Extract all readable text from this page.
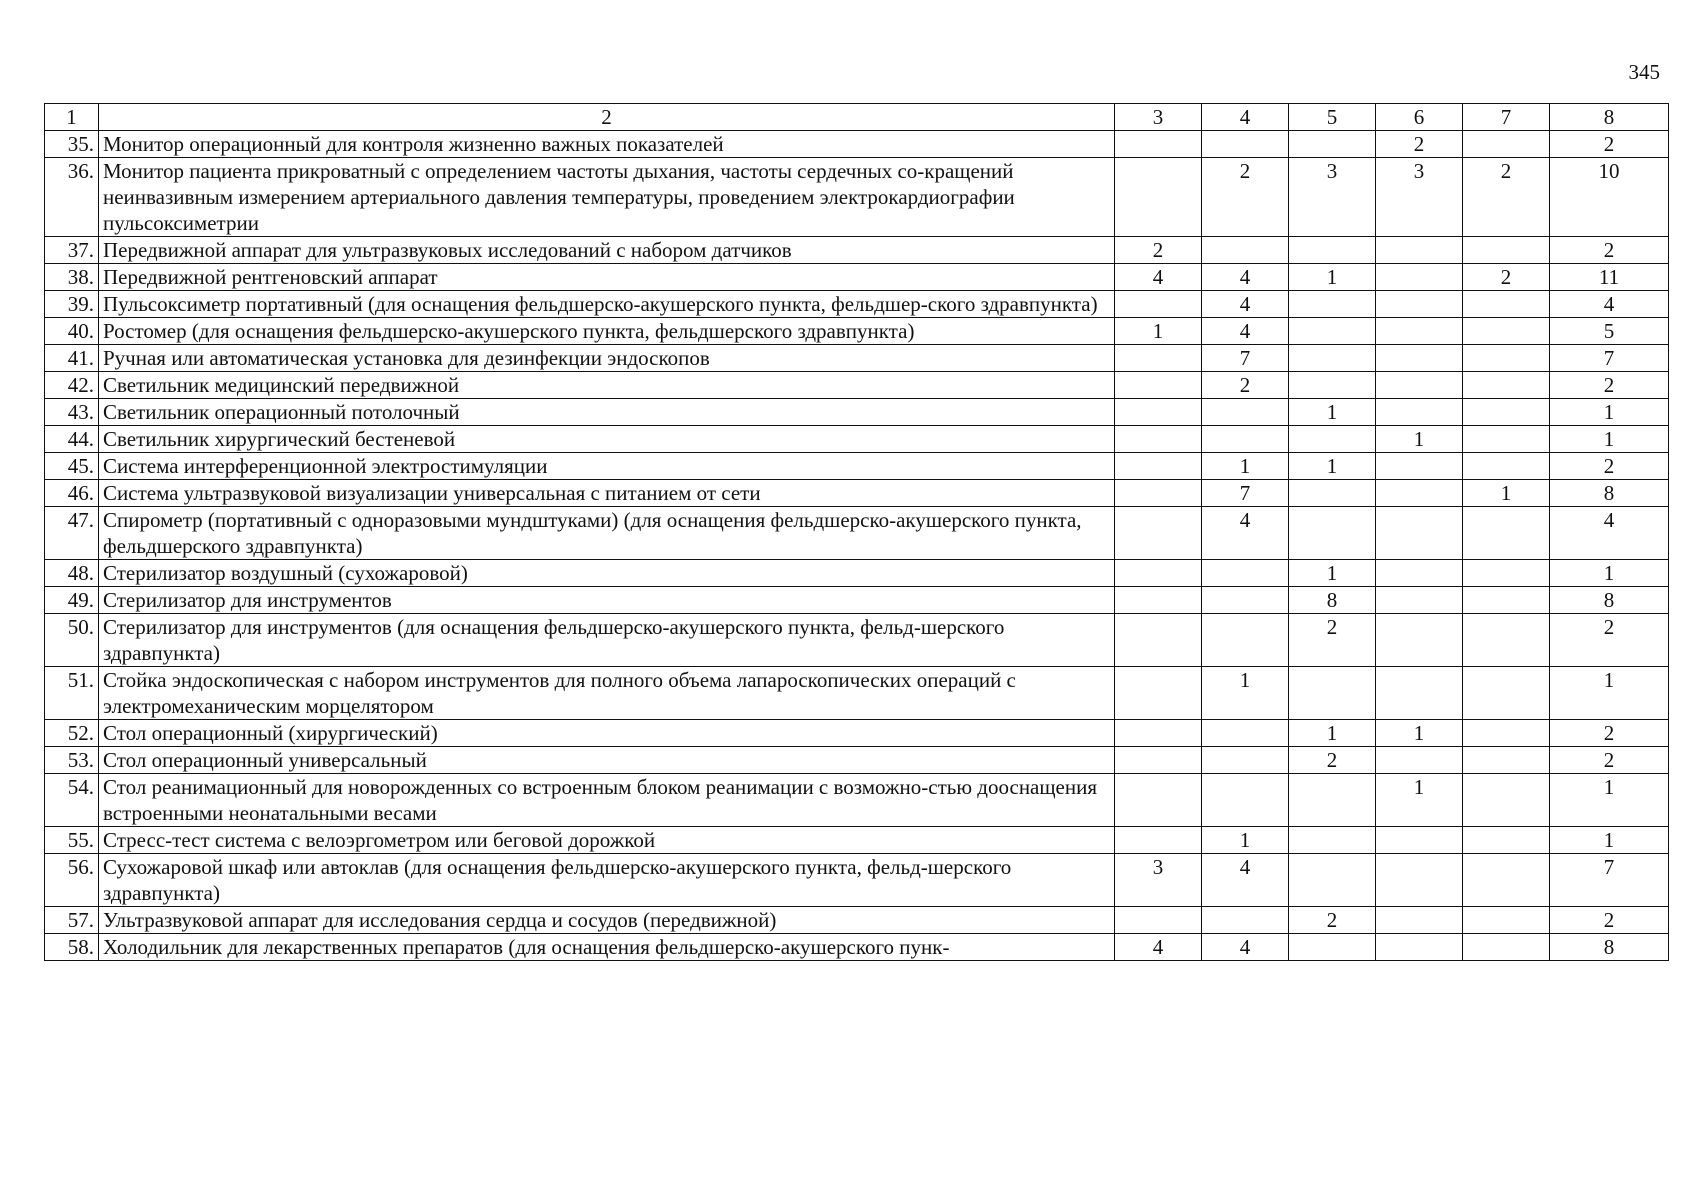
345
1	2	3	4	5	6	7	8
35.	Монитор операционный для контроля жизненно важных показателей				2		2
36.	Монитор пациента прикроватный с определением частоты дыхания, частоты сердечных со-кращений неинвазивным измерением артериального давления температуры, проведением электрокардиографии пульсоксиметрии		2	3	3	2	10
37.	Передвижной аппарат для ультразвуковых исследований с набором датчиков	2					2
38.	Передвижной рентгеновский аппарат	4	4	1		2	11
39.	Пульсоксиметр портативный (для оснащения фельдшерско-акушерского пункта, фельдшер-ского здравпункта)		4				4
40.	Ростомер (для оснащения фельдшерско-акушерского пункта, фельдшерского здравпункта)	1	4				5
41.	Ручная или автоматическая установка для дезинфекции эндоскопов		7				7
42.	Светильник медицинский передвижной		2				2
43.	Светильник операционный потолочный			1			1
44.	Светильник хирургический бестеневой				1		1
45.	Система интерференционной электростимуляции		1	1			2
46.	Система ультразвуковой визуализации универсальная с питанием от сети		7			1	8
47.	Спирометр (портативный с одноразовыми мундштуками) (для оснащения фельдшерско-акушерского пункта, фельдшерского здравпункта)		4				4
48.	Стерилизатор воздушный (сухожаровой)			1			1
49.	Стерилизатор для инструментов			8			8
50.	Стерилизатор для инструментов (для оснащения фельдшерско-акушерского пункта, фельд-шерского здравпункта)			2			2
51.	Стойка эндоскопическая с набором инструментов для полного объема лапароскопических операций с электромеханическим морцелятором		1				1
52.	Стол операционный (хирургический)			1	1		2
53.	Стол операционный универсальный			2			2
54.	Стол реанимационный для новорожденных со встроенным блоком реанимации с возможно-стью дооснащения встроенными неонатальными весами				1		1
55.	Стресс-тест система с велоэргометром или беговой дорожкой		1				1
56.	Сухожаровой шкаф или автоклав (для оснащения фельдшерско-акушерского пункта, фельд-шерского здравпункта)	3	4				7
57.	Ультразвуковой аппарат для исследования сердца и сосудов (передвижной)			2			2
58.	Холодильник для лекарственных препаратов (для оснащения фельдшерско-акушерского пунк-	4	4				8
